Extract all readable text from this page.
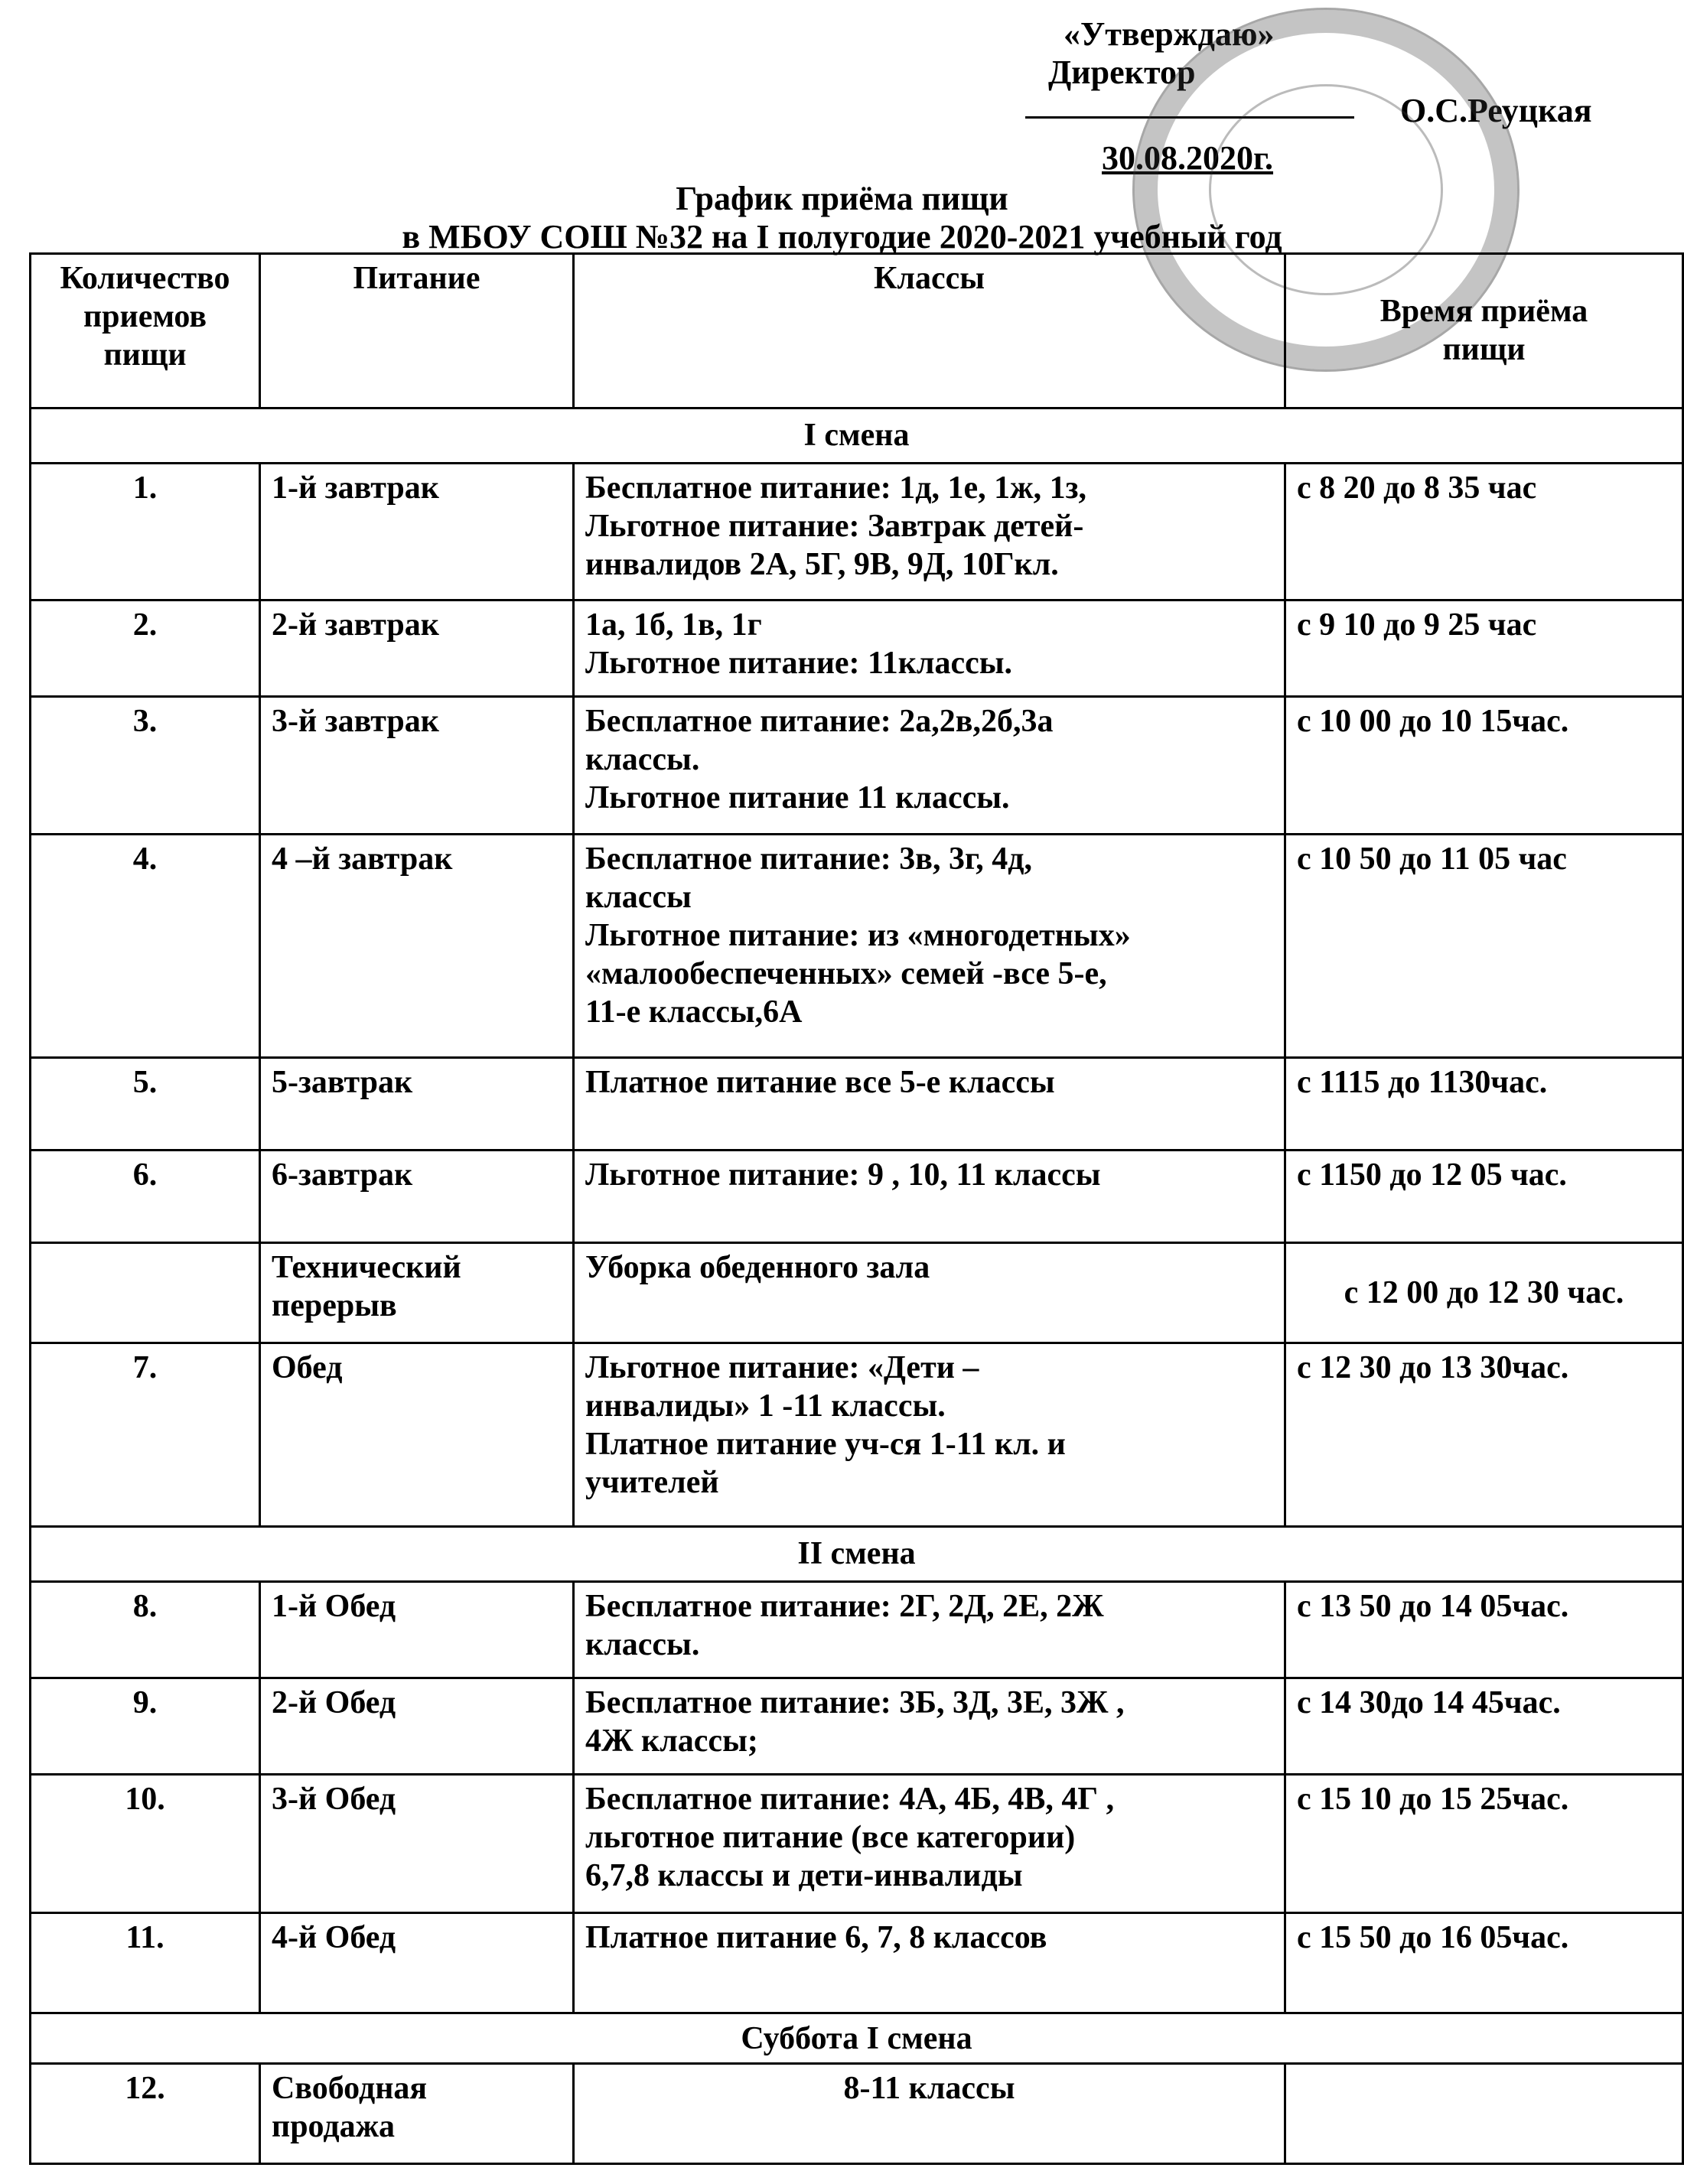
«Утверждаю»
Директор
О.С.Реуцкая
30.08.2020г.
График приёма пищи
в МБОУ СОШ №32 на I полугодие 2020-2021 учебный год
Количество
приемов
пищи	Питание	Классы	Время приёма
пищи
I смена			
1.	1-й завтрак	Бесплатное питание: 1д, 1е, 1ж, 1з,
Льготное питание: Завтрак детей-
инвалидов 2А, 5Г, 9В, 9Д, 10Гкл.	с 8 20 до 8 35 час
2.	2-й завтрак	1а, 1б, 1в, 1г
Льготное питание: 11классы.	с 9 10 до 9 25 час
3.	3-й завтрак	Бесплатное питание: 2а,2в,2б,3а
классы.
Льготное питание 11 классы.	с 10 00 до 10 15час.
4.	4 –й завтрак	Бесплатное питание: 3в, 3г, 4д,
классы
Льготное питание: из «многодетных»
«малообеспеченных» семей -все 5-е,
11-е классы,6А	с 10 50 до 11 05 час
5.	5-завтрак	Платное питание все 5-е классы	с 1115 до 1130час.
6.	6-завтрак	Льготное питание: 9 , 10, 11 классы	с 1150 до 12 05 час.
	Технический
перерыв	Уборка обеденного зала	с 12 00 до 12 30 час.
7.	Обед	Льготное питание: «Дети –
инвалиды» 1 -11 классы.
Платное питание уч-ся 1-11 кл. и
учителей	с 12 30 до 13 30час.
II смена			
8.	1-й Обед	Бесплатное питание: 2Г, 2Д, 2Е, 2Ж
классы.	с 13 50 до 14 05час.
9.	2-й Обед	Бесплатное питание: 3Б, 3Д, 3Е, 3Ж ,
4Ж классы;	с 14 30до 14 45час.
10.	3-й Обед	Бесплатное питание: 4А, 4Б, 4В, 4Г ,
льготное питание (все категории)
6,7,8 классы и дети-инвалиды	с 15 10 до 15 25час.
11.	4-й Обед	Платное питание 6, 7, 8 классов	с 15 50 до 16 05час.
Суббота I смена			
12.	Свободная
продажа	8-11 классы	
